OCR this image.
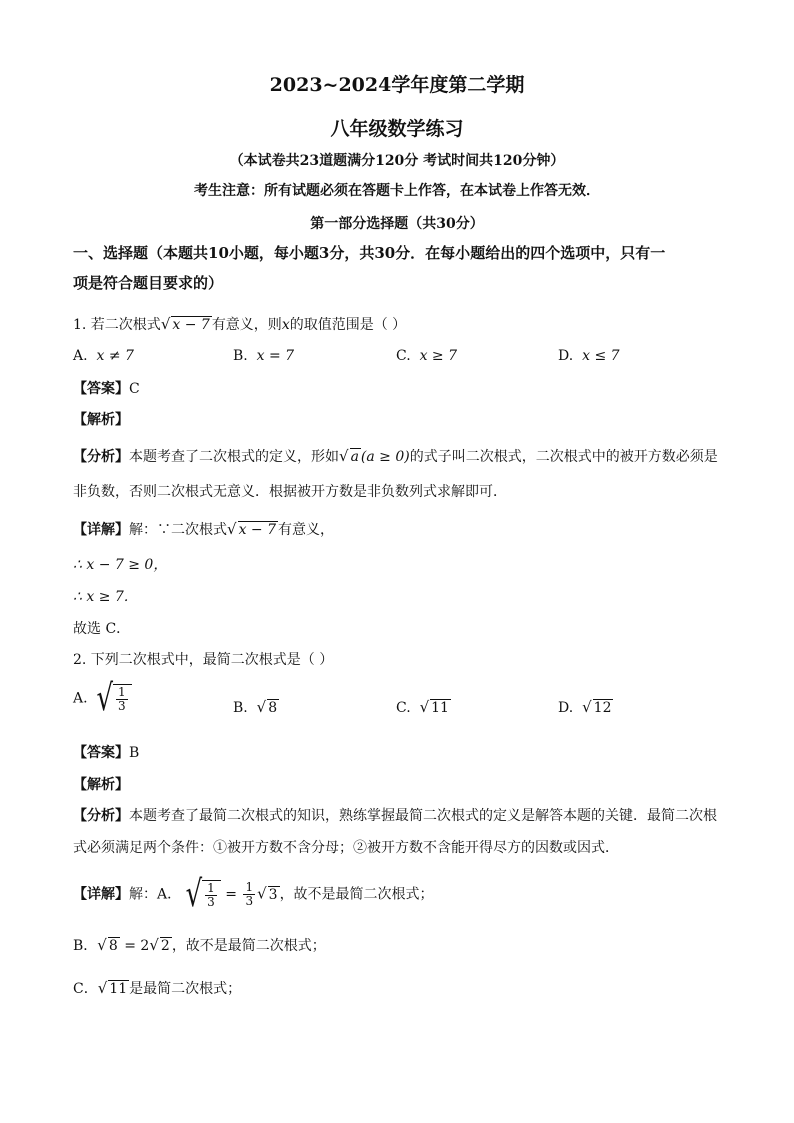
2023~2024学年度第二学期
八年级数学练习
（本试卷共23道题满分120分 考试时间共120分钟）
考生注意：所有试题必须在答题卡上作答，在本试卷上作答无效．
第一部分选择题（共30分）
一、选择题（本题共10小题，每小题3分，共30分．在每小题给出的四个选项中，只有一
项是符合题目要求的）
1. 若二次根式√ x − 7 有意义，则x的取值范围是（ ）
A. x ≠ 7	B. x = 7	C. x ≥ 7	D. x ≤ 7
【答案】C
【解析】
【分析】本题考查了二次根式的定义，形如√ a (a ≥ 0)的式子叫二次根式，二次根式中的被开方数必须是
非负数，否则二次根式无意义．根据被开方数是非负数列式求解即可．
【详解】解：∵二次根式√ x − 7 有意义，
∴ x − 7 ≥ 0，
∴ x ≥ 7．
故选 C．
2. 下列二次根式中，最简二次根式是（ ）
A. √ $\frac{1}{3}$	B. √ 8	C. √ 11	D. √ 12
【答案】B
【解析】
【分析】本题考查了最简二次根式的知识，熟练掌握最简二次根式的定义是解答本题的关键．最简二次根
式必须满足两个条件：①被开方数不含分母；②被开方数不含能开得尽方的因数或因式．
【详解】解：A． √ $\frac{1}{3} = \frac{1}{3}$ √ 3 ，故不是最简二次根式；
B．√ 8 = 2√ 2 ，故不是最简二次根式；
C．√ 11 是最简二次根式；
